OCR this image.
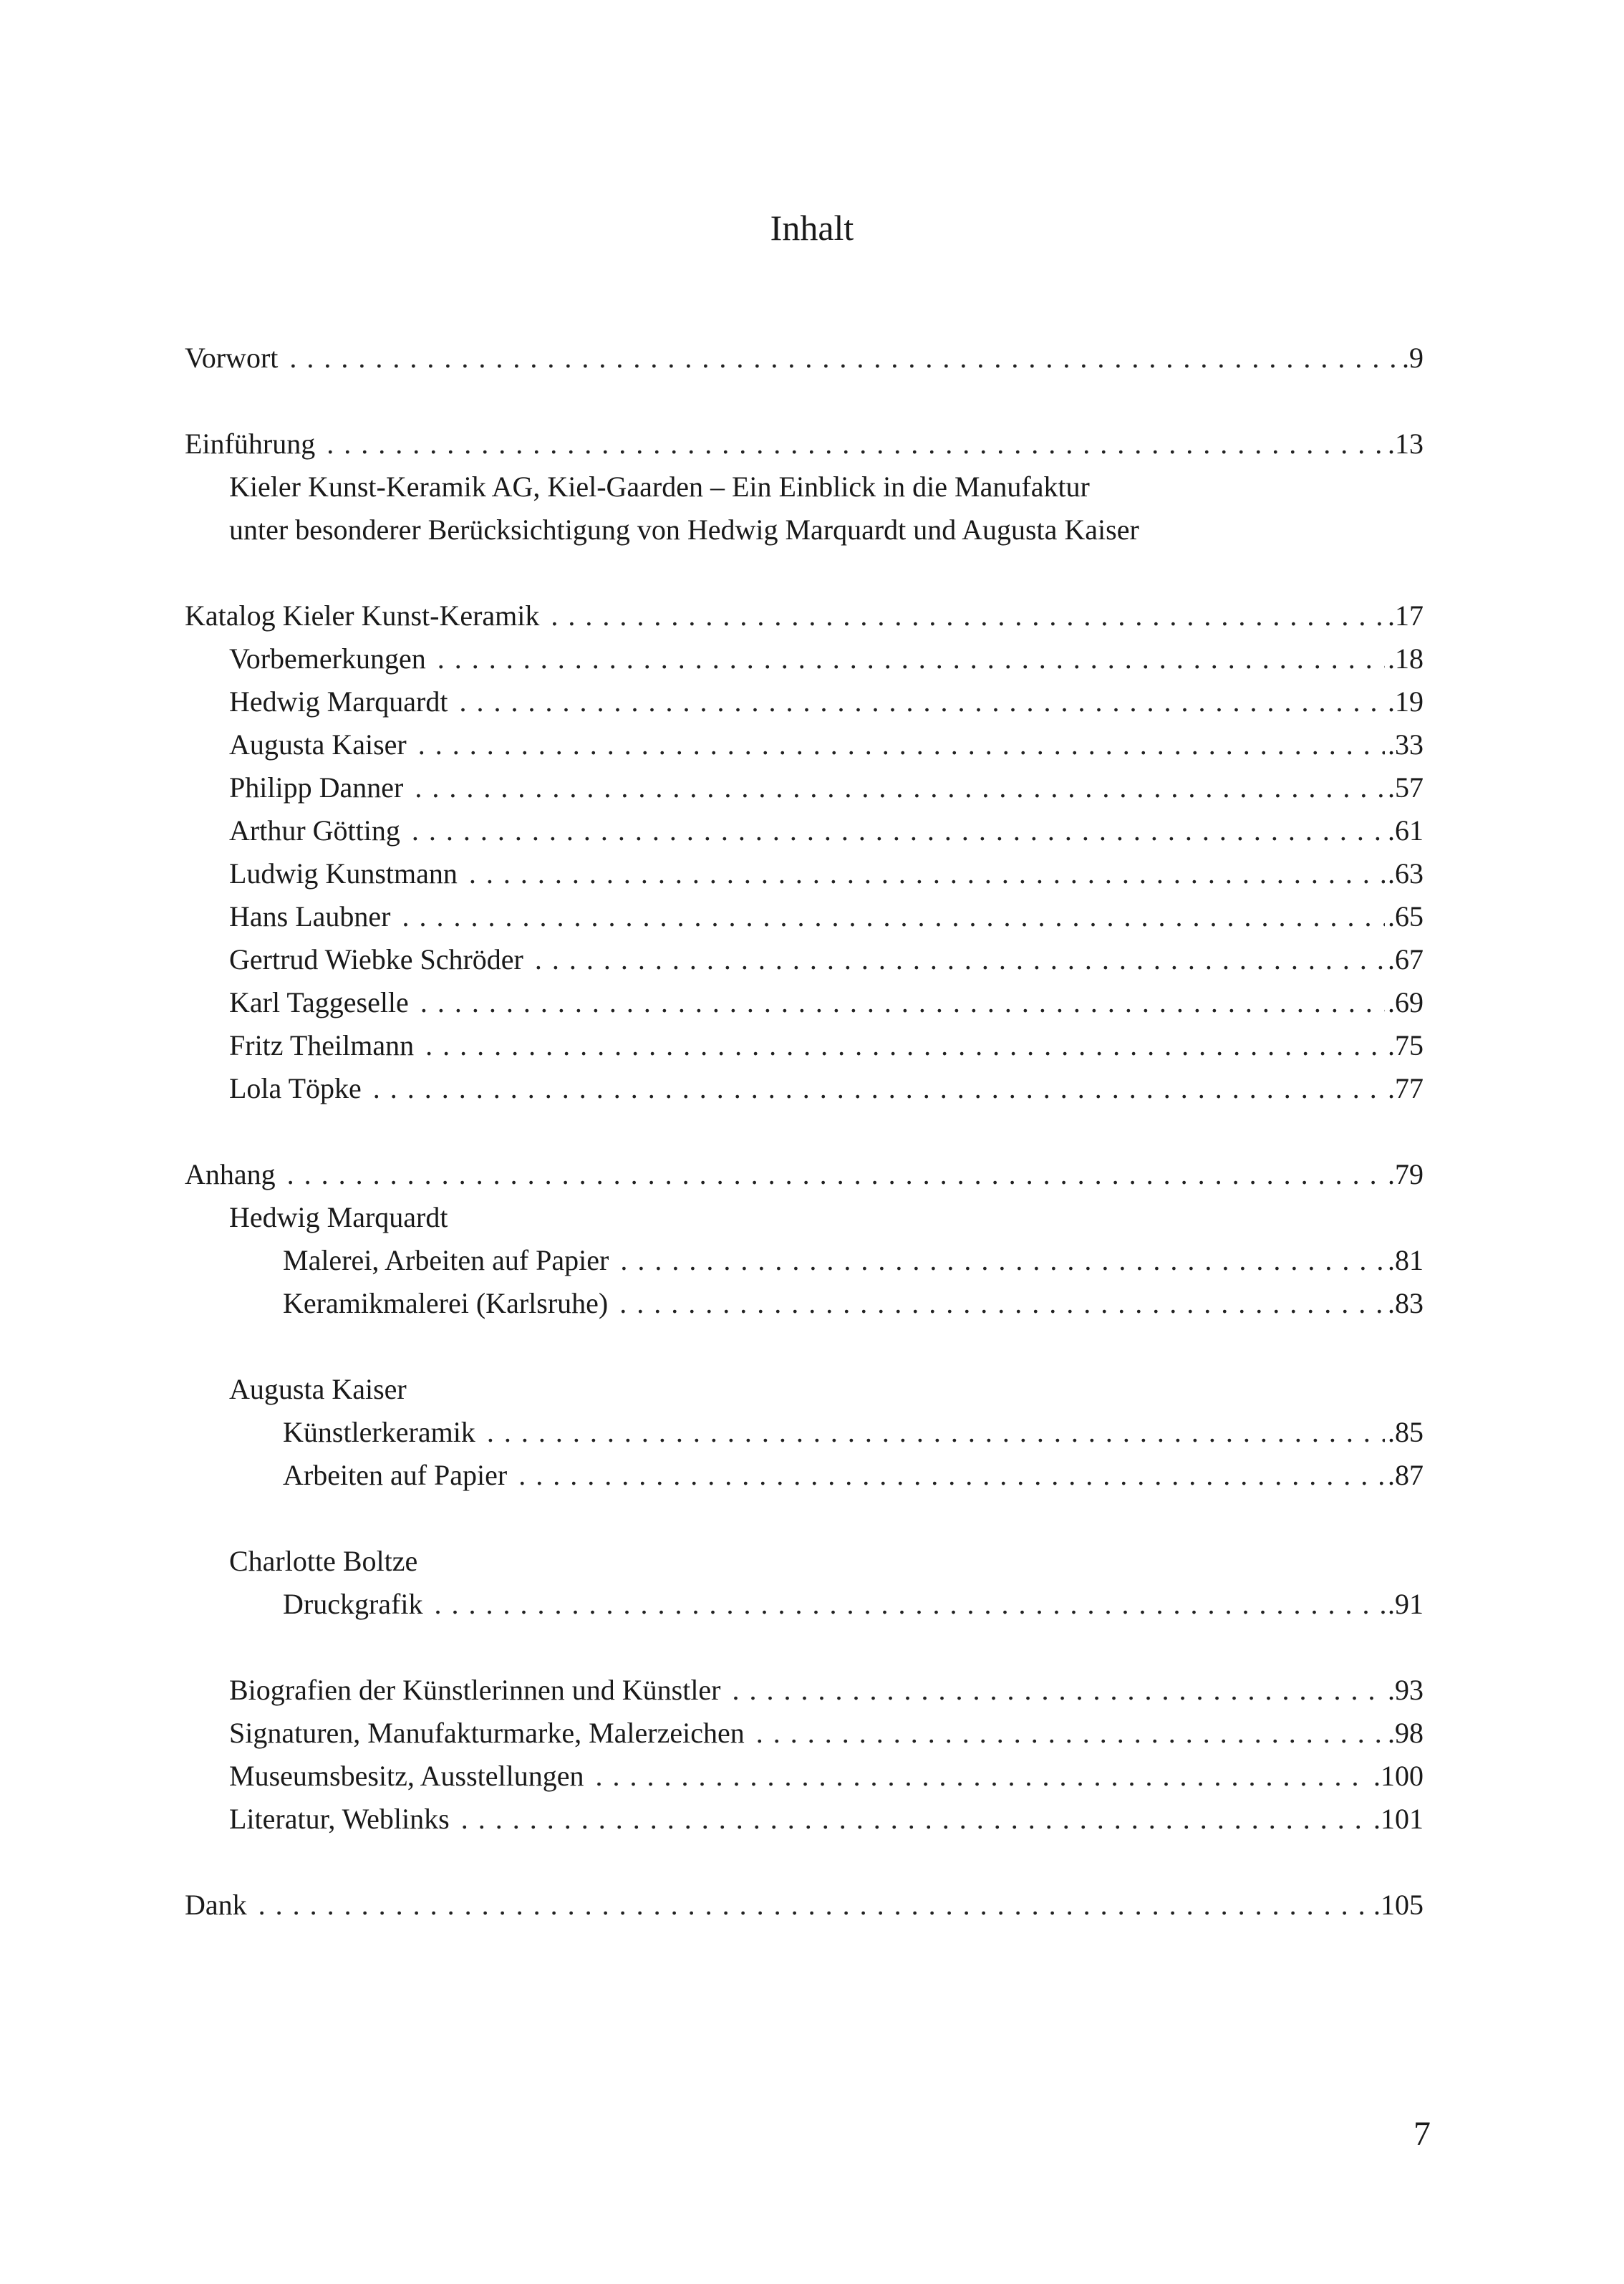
Inhalt
Vorwort . . .	.9
Einführung . . .	.13
Kieler Kunst-Keramik AG, Kiel-Gaarden – Ein Einblick in die Manufaktur
unter besonderer Berücksichtigung von Hedwig Marquardt und Augusta Kaiser
Katalog Kieler Kunst-Keramik . . .	.17
Vorbemerkungen . . .	.18
Hedwig Marquardt . . .	.19
Augusta Kaiser . . .	.33
Philipp Danner . . .	.57
Arthur Götting . . .	.61
Ludwig Kunstmann . . .	.63
Hans Laubner . . .	.65
Gertrud Wiebke Schröder . . .	.67
Karl Taggeselle . . .	.69
Fritz Theilmann . . .	.75
Lola Töpke . . .	.77
Anhang . . .	.79
Hedwig Marquardt
Malerei, Arbeiten auf Papier . . .	.81
Keramikmalerei (Karlsruhe) . . .	.83
Augusta Kaiser
Künstlerkeramik . . .	.85
Arbeiten auf Papier . . .	.87
Charlotte Boltze
Druckgrafik . . .	.91
Biografien der Künstlerinnen und Künstler . . .	.93
Signaturen, Manufakturmarke, Malerzeichen . . .	.98
Museumsbesitz, Ausstellungen . . .	.100
Literatur, Weblinks . . .	.101
Dank . . .	.105
7
